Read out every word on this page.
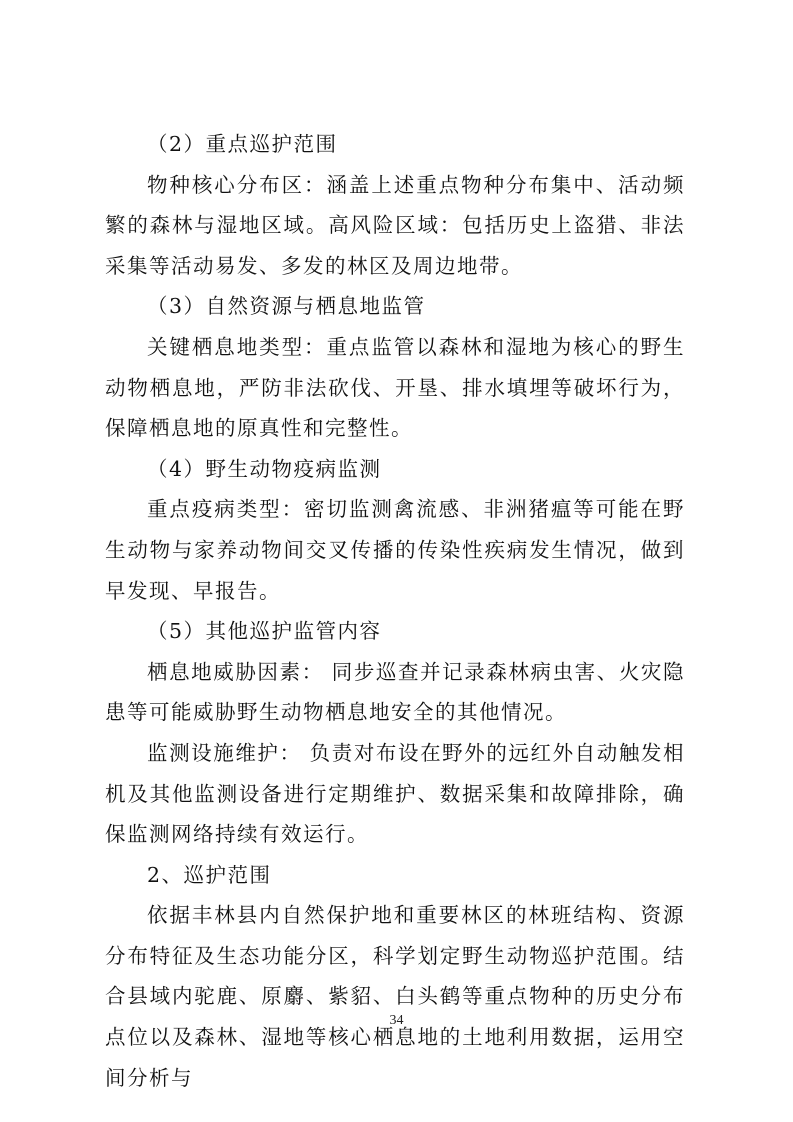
（2）重点巡护范围

物种核心分布区：涵盖上述重点物种分布集中、活动频繁的森林与湿地区域。高风险区域：包括历史上盗猎、非法采集等活动易发、多发的林区及周边地带。

（3）自然资源与栖息地监管

关键栖息地类型：重点监管以森林和湿地为核心的野生动物栖息地，严防非法砍伐、开垦、排水填埋等破坏行为，保障栖息地的原真性和完整性。

（4）野生动物疫病监测

重点疫病类型：密切监测禽流感、非洲猪瘟等可能在野生动物与家养动物间交叉传播的传染性疾病发生情况，做到早发现、早报告。

（5）其他巡护监管内容

栖息地威胁因素： 同步巡查并记录森林病虫害、火灾隐患等可能威胁野生动物栖息地安全的其他情况。

监测设施维护： 负责对布设在野外的远红外自动触发相机及其他监测设备进行定期维护、数据采集和故障排除，确保监测网络持续有效运行。

2、巡护范围

依据丰林县内自然保护地和重要林区的林班结构、资源分布特征及生态功能分区，科学划定野生动物巡护范围。结合县域内驼鹿、原麝、紫貂、白头鹤等重点物种的历史分布点位以及森林、湿地等核心栖息地的土地利用数据，运用空间分析与

34
